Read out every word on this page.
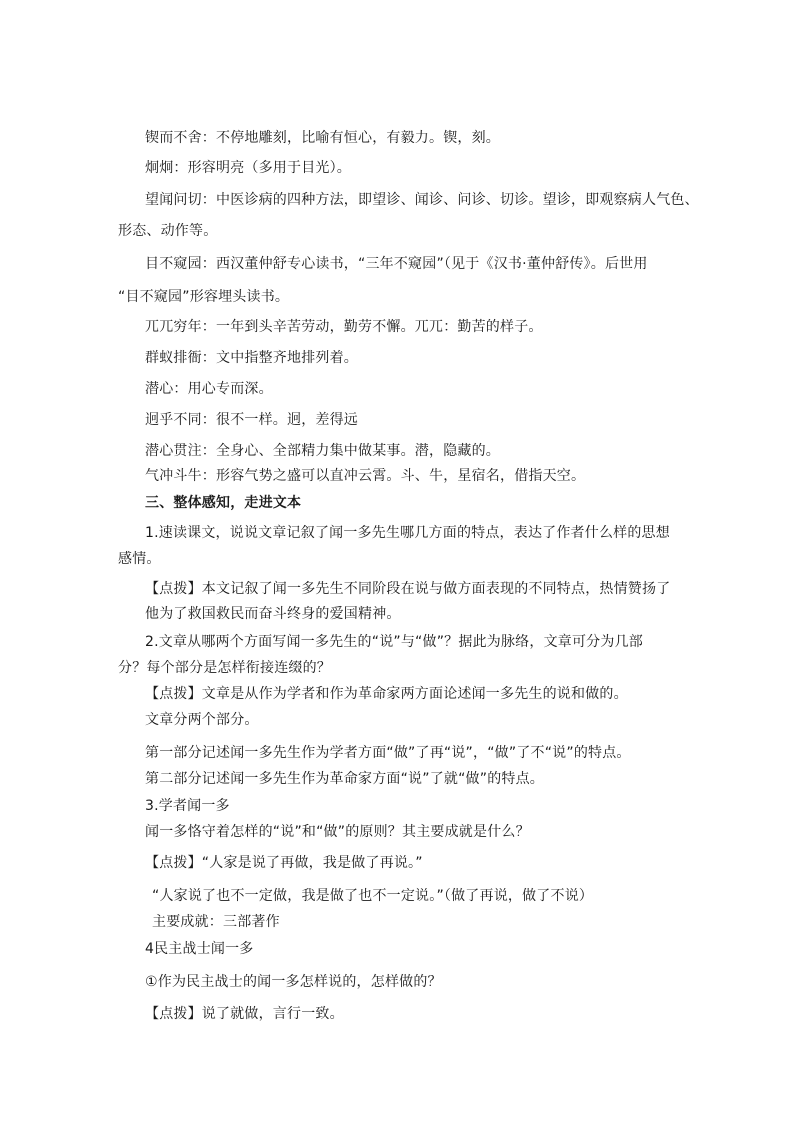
锲而不舍：不停地雕刻，比喻有恒心，有毅力。锲，刻。
炯炯：形容明亮（多用于目光）。
望闻问切：中医诊病的四种方法，即望诊、闻诊、问诊、切诊。望诊，即观察病人气色、
形态、动作等。
目不窥园：西汉董仲舒专心读书，“三年不窥园”（见于《汉书·董仲舒传》。后世用
“目不窥园”形容埋头读书。
兀兀穷年：一年到头辛苦劳动，勤劳不懈。兀兀：勤苦的样子。
群蚁排衙：文中指整齐地排列着。
潜心：用心专而深。
迥乎不同：很不一样。迥，差得远
潜心贯注：全身心、全部精力集中做某事。潜，隐藏的。
气冲斗牛：形容气势之盛可以直冲云霄。斗、牛，星宿名，借指天空。
三、整体感知，走进文本
1.速读课文，说说文章记叙了闻一多先生哪几方面的特点，表达了作者什么样的思想
感情。
【点拨】本文记叙了闻一多先生不同阶段在说与做方面表现的不同特点，热情赞扬了
他为了救国救民而奋斗终身的爱国精神。
2.文章从哪两个方面写闻一多先生的“说”与“做”？据此为脉络，文章可分为几部
分？每个部分是怎样衔接连缀的？
【点拨】文章是从作为学者和作为革命家两方面论述闻一多先生的说和做的。
文章分两个部分。
第一部分记述闻一多先生作为学者方面“做”了再“说”，“做”了不“说”的特点。
第二部分记述闻一多先生作为革命家方面“说”了就“做”的特点。
3.学者闻一多
闻一多恪守着怎样的“说”和“做”的原则？其主要成就是什么？
【点拨】“人家是说了再做，我是做了再说。”
“人家说了也不一定做，我是做了也不一定说。”（做了再说，做了不说）
主要成就：三部著作
4民主战士闻一多
①作为民主战士的闻一多怎样说的，怎样做的？
【点拨】说了就做，言行一致。
